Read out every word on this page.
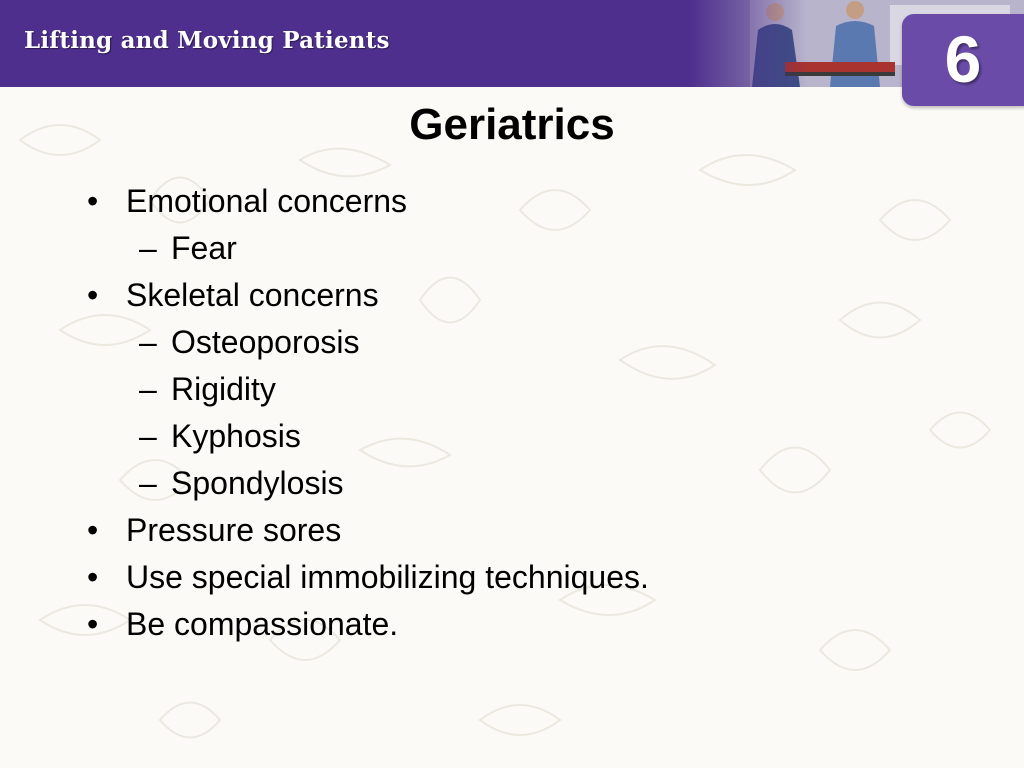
Lifting and Moving Patients	6
Geriatrics
• Emotional concerns
– Fear
• Skeletal concerns
– Osteoporosis
– Rigidity
– Kyphosis
– Spondylosis
• Pressure sores
• Use special immobilizing techniques.
• Be compassionate.
